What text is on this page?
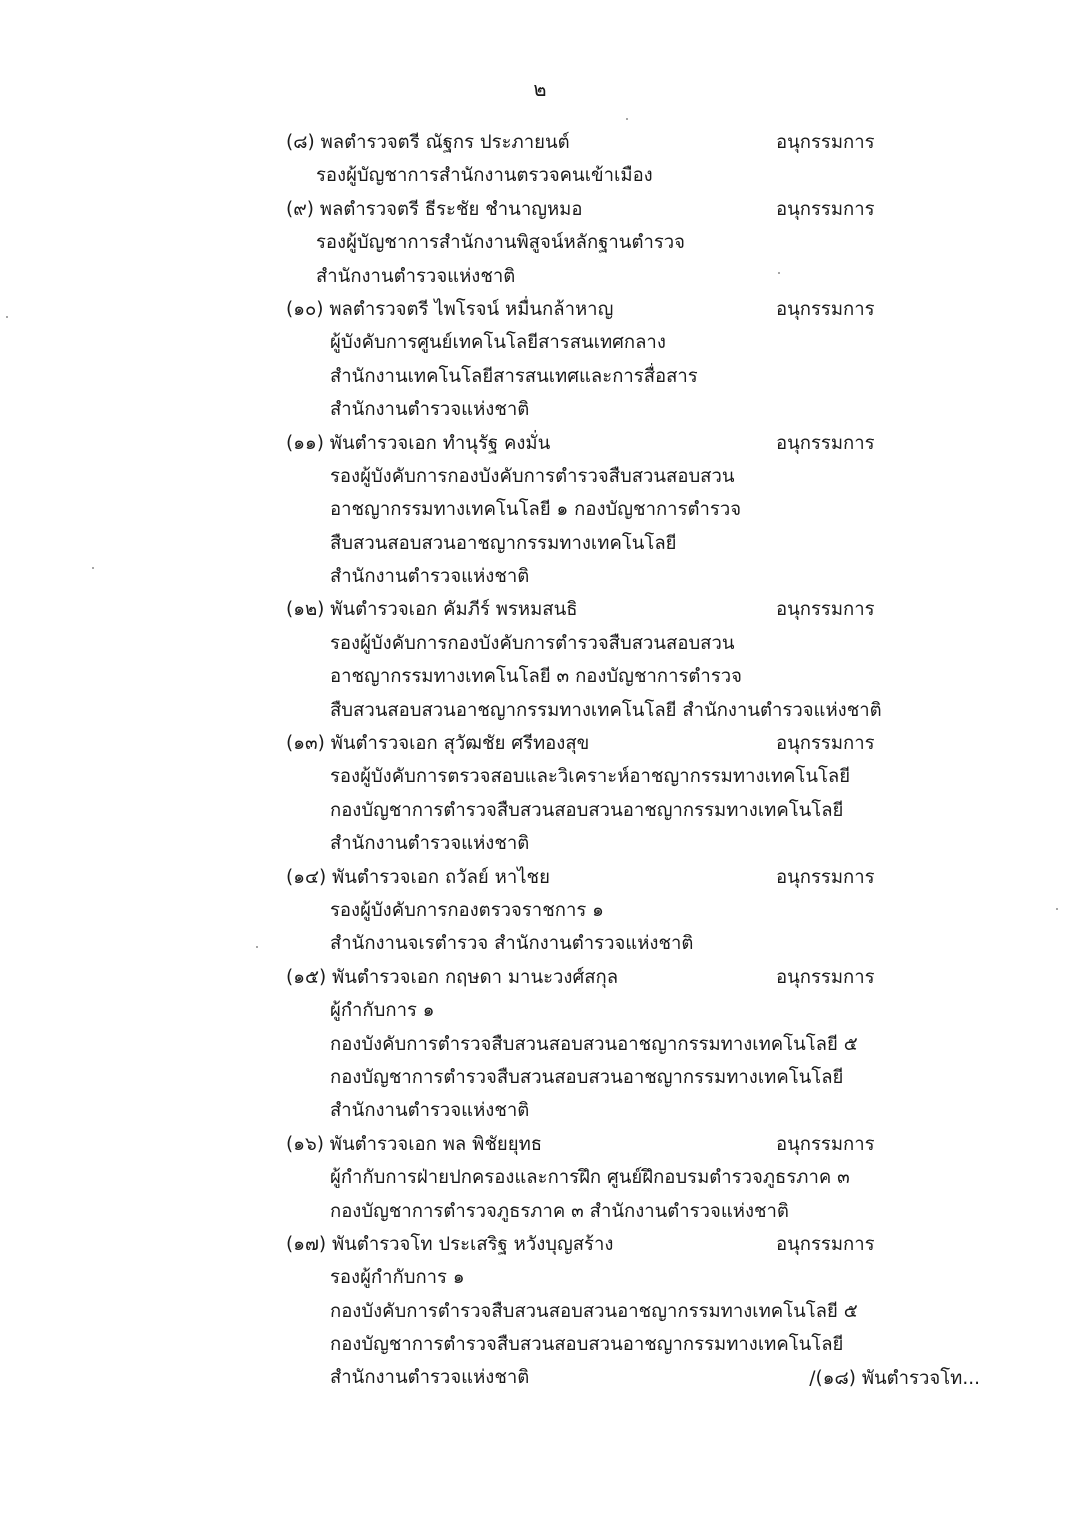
๒
(๘) พลตำรวจตรี ณัฐกร ประภายนต์	อนุกรรมการ
รองผู้บัญชาการสำนักงานตรวจคนเข้าเมือง
(๙) พลตำรวจตรี ธีระชัย ชำนาญหมอ	อนุกรรมการ
รองผู้บัญชาการสำนักงานพิสูจน์หลักฐานตำรวจ
สำนักงานตำรวจแห่งชาติ
(๑๐) พลตำรวจตรี ไพโรจน์ หมื่นกล้าหาญ	อนุกรรมการ
ผู้บังคับการศูนย์เทคโนโลยีสารสนเทศกลาง
สำนักงานเทคโนโลยีสารสนเทศและการสื่อสาร
สำนักงานตำรวจแห่งชาติ
(๑๑) พันตำรวจเอก ทำนุรัฐ คงมั่น	อนุกรรมการ
รองผู้บังคับการกองบังคับการตำรวจสืบสวนสอบสวน
อาชญากรรมทางเทคโนโลยี ๑ กองบัญชาการตำรวจ
สืบสวนสอบสวนอาชญากรรมทางเทคโนโลยี
สำนักงานตำรวจแห่งชาติ
(๑๒) พันตำรวจเอก คัมภีร์ พรหมสนธิ	อนุกรรมการ
รองผู้บังคับการกองบังคับการตำรวจสืบสวนสอบสวน
อาชญากรรมทางเทคโนโลยี ๓ กองบัญชาการตำรวจ
สืบสวนสอบสวนอาชญากรรมทางเทคโนโลยี สำนักงานตำรวจแห่งชาติ
(๑๓) พันตำรวจเอก สุวัฒชัย ศรีทองสุข	อนุกรรมการ
รองผู้บังคับการตรวจสอบและวิเคราะห์อาชญากรรมทางเทคโนโลยี
กองบัญชาการตำรวจสืบสวนสอบสวนอาชญากรรมทางเทคโนโลยี
สำนักงานตำรวจแห่งชาติ
(๑๔) พันตำรวจเอก ถวัลย์ หาไชย	อนุกรรมการ
รองผู้บังคับการกองตรวจราชการ ๑
สำนักงานจเรตำรวจ สำนักงานตำรวจแห่งชาติ
(๑๕) พันตำรวจเอก กฤษดา มานะวงศ์สกุล	อนุกรรมการ
ผู้กำกับการ ๑
กองบังคับการตำรวจสืบสวนสอบสวนอาชญากรรมทางเทคโนโลยี ๕
กองบัญชาการตำรวจสืบสวนสอบสวนอาชญากรรมทางเทคโนโลยี
สำนักงานตำรวจแห่งชาติ
(๑๖) พันตำรวจเอก พล พิชัยยุทธ	อนุกรรมการ
ผู้กำกับการฝ่ายปกครองและการฝึก ศูนย์ฝึกอบรมตำรวจภูธรภาค ๓
กองบัญชาการตำรวจภูธรภาค ๓ สำนักงานตำรวจแห่งชาติ
(๑๗) พันตำรวจโท ประเสริฐ หวังบุญสร้าง	อนุกรรมการ
รองผู้กำกับการ ๑
กองบังคับการตำรวจสืบสวนสอบสวนอาชญากรรมทางเทคโนโลยี ๕
กองบัญชาการตำรวจสืบสวนสอบสวนอาชญากรรมทางเทคโนโลยี
สำนักงานตำรวจแห่งชาติ	/(๑๘) พันตำรวจโท...
